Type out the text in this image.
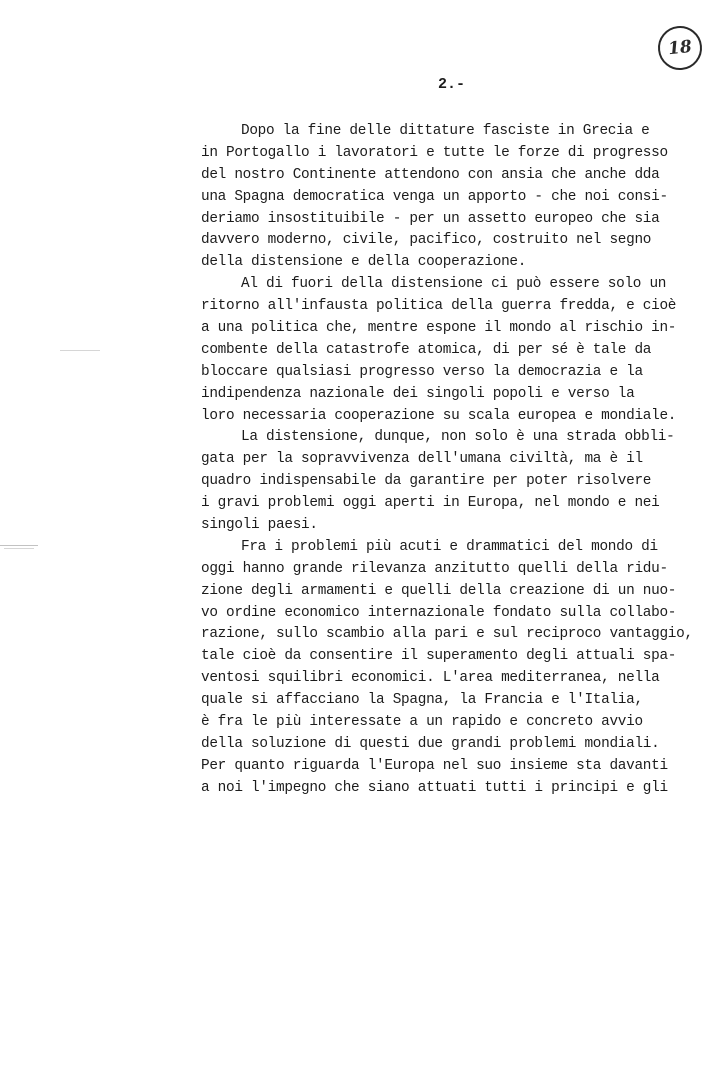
18
2.-
Dopo la fine delle dittature fasciste in Grecia e
in Portogallo i lavoratori e tutte le forze di progresso
del nostro Continente attendono con ansia che anche dda
una Spagna democratica venga un apporto - che noi consi-
deriamo insostituibile - per un assetto europeo che sia
davvero moderno, civile, pacifico, costruito nel segno
della distensione e della cooperazione.
Al di fuori della distensione ci può essere solo un
ritorno all'infausta politica della guerra fredda, e cioè
a una politica che, mentre espone il mondo al rischio in-
combente della catastrofe atomica, di per sé è tale da
bloccare qualsiasi progresso verso la democrazia e la
indipendenza nazionale dei singoli popoli e verso la
loro necessaria cooperazione su scala europea e mondiale.
La distensione, dunque, non solo è una strada obbli-
gata per la sopravvivenza dell'umana civiltà, ma è il
quadro indispensabile da garantire per poter risolvere
i gravi problemi oggi aperti in Europa, nel mondo e nei
singoli paesi.
Fra i problemi più acuti e drammatici del mondo di
oggi hanno grande rilevanza anzitutto quelli della ridu-
zione degli armamenti e quelli della creazione di un nuo-
vo ordine economico internazionale fondato sulla collabo-
razione, sullo scambio alla pari e sul reciproco vantaggio,
tale cioè da consentire il superamento degli attuali spa-
ventosi squilibri economici. L'area mediterranea, nella
quale si affacciano la Spagna, la Francia e l'Italia,
è fra le più interessate a un rapido e concreto avvio
della soluzione di questi due grandi problemi mondiali.
Per quanto riguarda l'Europa nel suo insieme sta davanti
a noi l'impegno che siano attuati tutti i principi e gli
